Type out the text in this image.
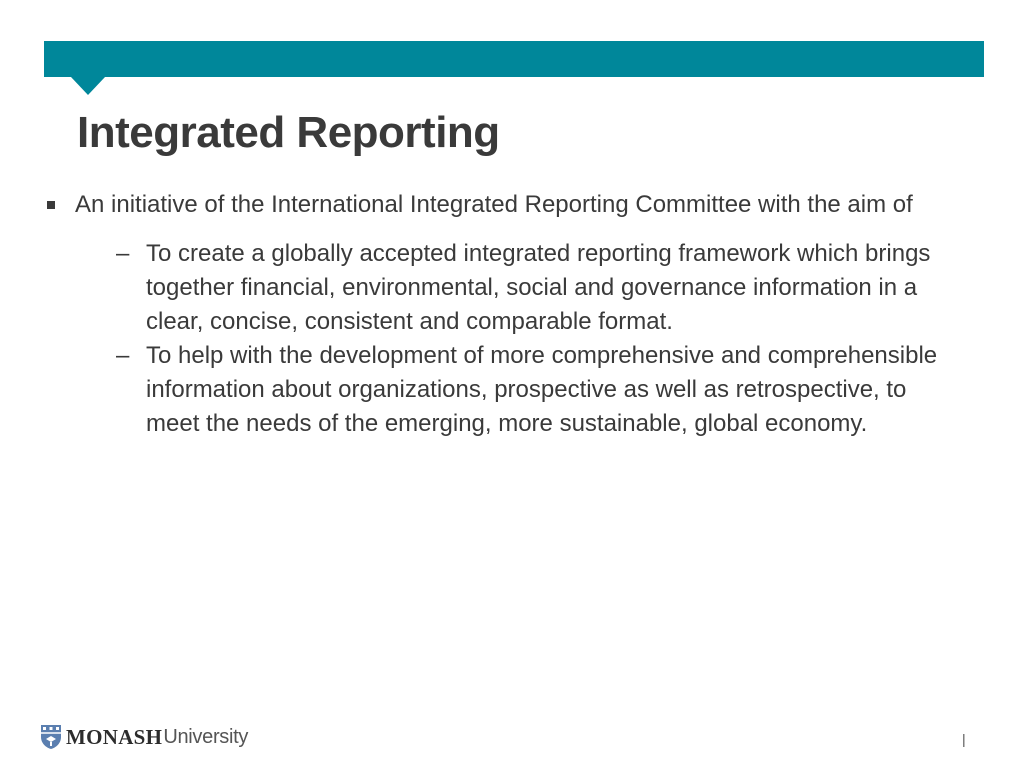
Integrated Reporting
An initiative of the International Integrated Reporting Committee with the aim of
– To create a globally accepted integrated reporting framework which brings together financial, environmental, social and governance information in a clear, concise, consistent and comparable format.
– To help with the development of more comprehensive and comprehensible information about organizations, prospective as well as retrospective, to meet the needs of the emerging, more sustainable, global economy.
MONASH University	|
